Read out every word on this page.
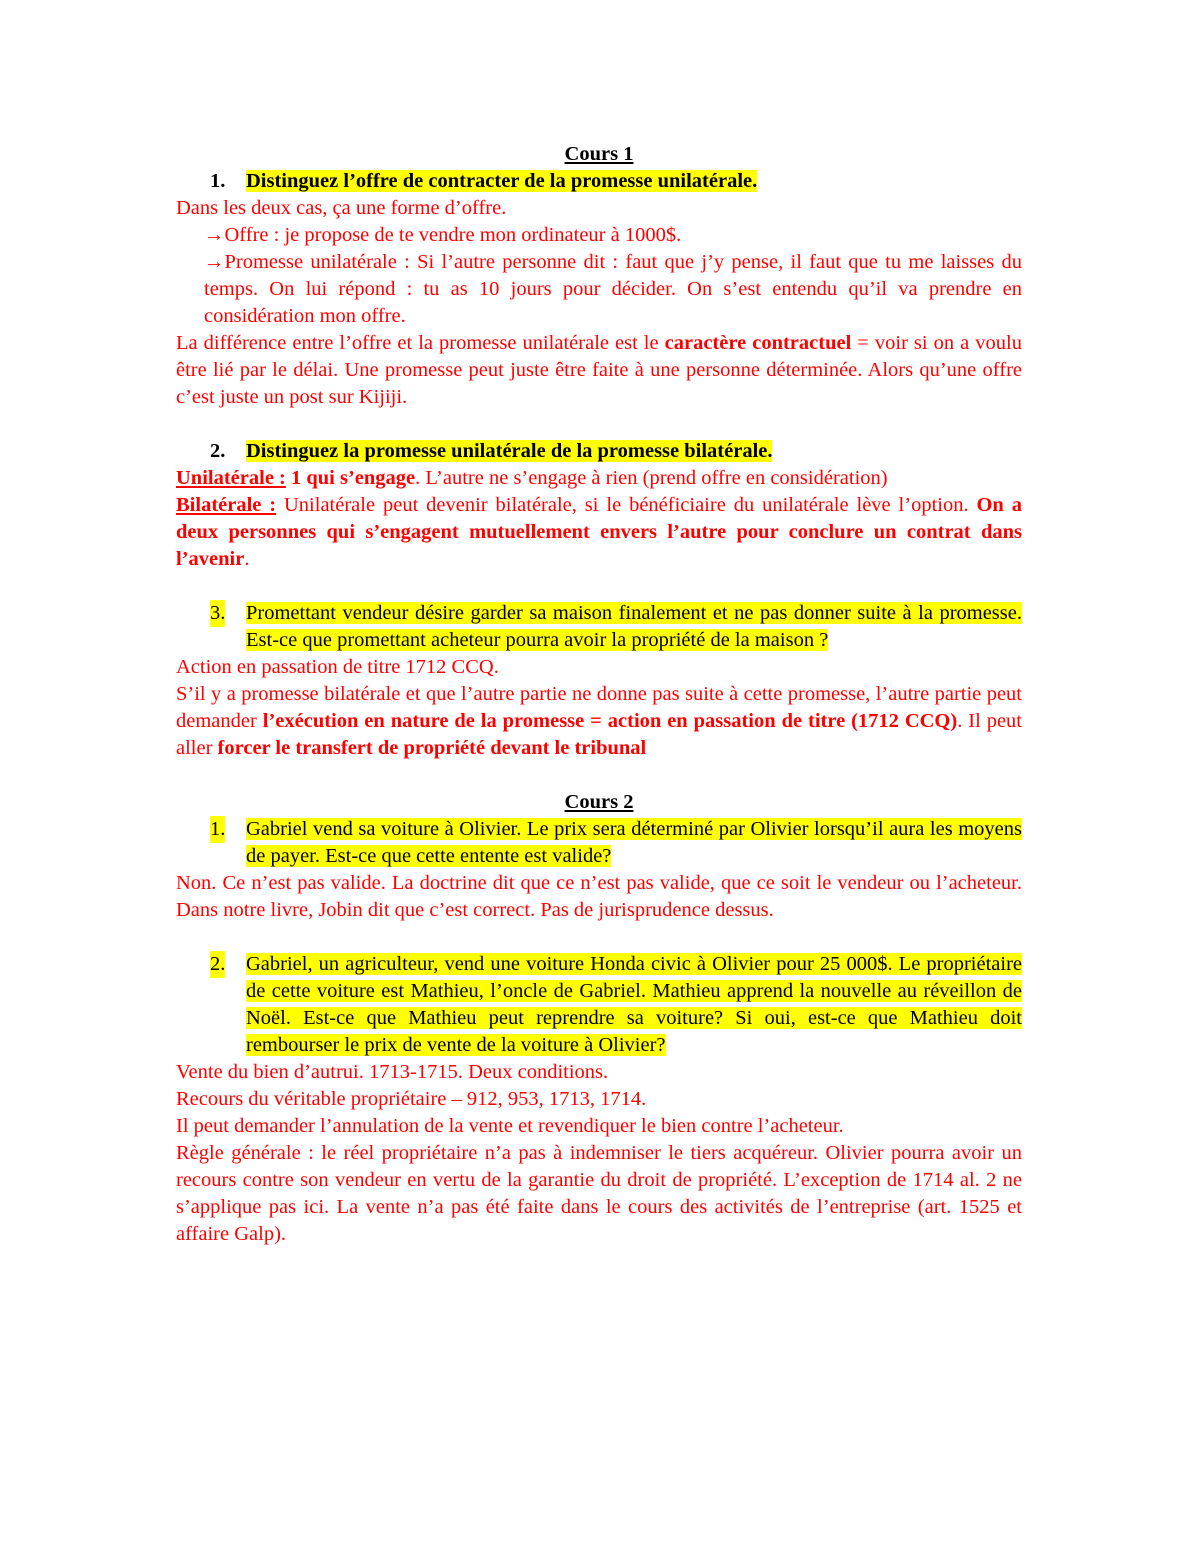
Cours 1

1. Distinguez l’offre de contracter de la promesse unilatérale.

Dans les deux cas, ça une forme d’offre.

→Offre : je propose de te vendre mon ordinateur à 1000$.

→Promesse unilatérale : Si l’autre personne dit : faut que j’y pense, il faut que tu me laisses du temps. On lui répond : tu as 10 jours pour décider. On s’est entendu qu’il va prendre en considération mon offre.

La différence entre l’offre et la promesse unilatérale est le caractère contractuel = voir si on a voulu être lié par le délai. Une promesse peut juste être faite à une personne déterminée. Alors qu’une offre c’est juste un post sur Kijiji.

2. Distinguez la promesse unilatérale de la promesse bilatérale.

Unilatérale : 1 qui s’engage. L’autre ne s’engage à rien (prend offre en considération)

Bilatérale : Unilatérale peut devenir bilatérale, si le bénéficiaire du unilatérale lève l’option. On a deux personnes qui s’engagent mutuellement envers l’autre pour conclure un contrat dans l’avenir.

3. Promettant vendeur désire garder sa maison finalement et ne pas donner suite à la promesse. Est-ce que promettant acheteur pourra avoir la propriété de la maison ?

Action en passation de titre 1712 CCQ.

S’il y a promesse bilatérale et que l’autre partie ne donne pas suite à cette promesse, l’autre partie peut demander l’exécution en nature de la promesse = action en passation de titre (1712 CCQ). Il peut aller forcer le transfert de propriété devant le tribunal

Cours 2

1. Gabriel vend sa voiture à Olivier. Le prix sera déterminé par Olivier lorsqu’il aura les moyens de payer. Est-ce que cette entente est valide?

Non. Ce n’est pas valide. La doctrine dit que ce n’est pas valide, que ce soit le vendeur ou l’acheteur. Dans notre livre, Jobin dit que c’est correct. Pas de jurisprudence dessus.

2. Gabriel, un agriculteur, vend une voiture Honda civic à Olivier pour 25 000$. Le propriétaire de cette voiture est Mathieu, l’oncle de Gabriel. Mathieu apprend la nouvelle au réveillon de Noël. Est-ce que Mathieu peut reprendre sa voiture? Si oui, est-ce que Mathieu doit rembourser le prix de vente de la voiture à Olivier?

Vente du bien d’autrui. 1713-1715. Deux conditions.

Recours du véritable propriétaire – 912, 953, 1713, 1714.

Il peut demander l’annulation de la vente et revendiquer le bien contre l’acheteur.

Règle générale : le réel propriétaire n’a pas à indemniser le tiers acquéreur. Olivier pourra avoir un recours contre son vendeur en vertu de la garantie du droit de propriété. L’exception de 1714 al. 2 ne s’applique pas ici. La vente n’a pas été faite dans le cours des activités de l’entreprise (art. 1525 et affaire Galp).
